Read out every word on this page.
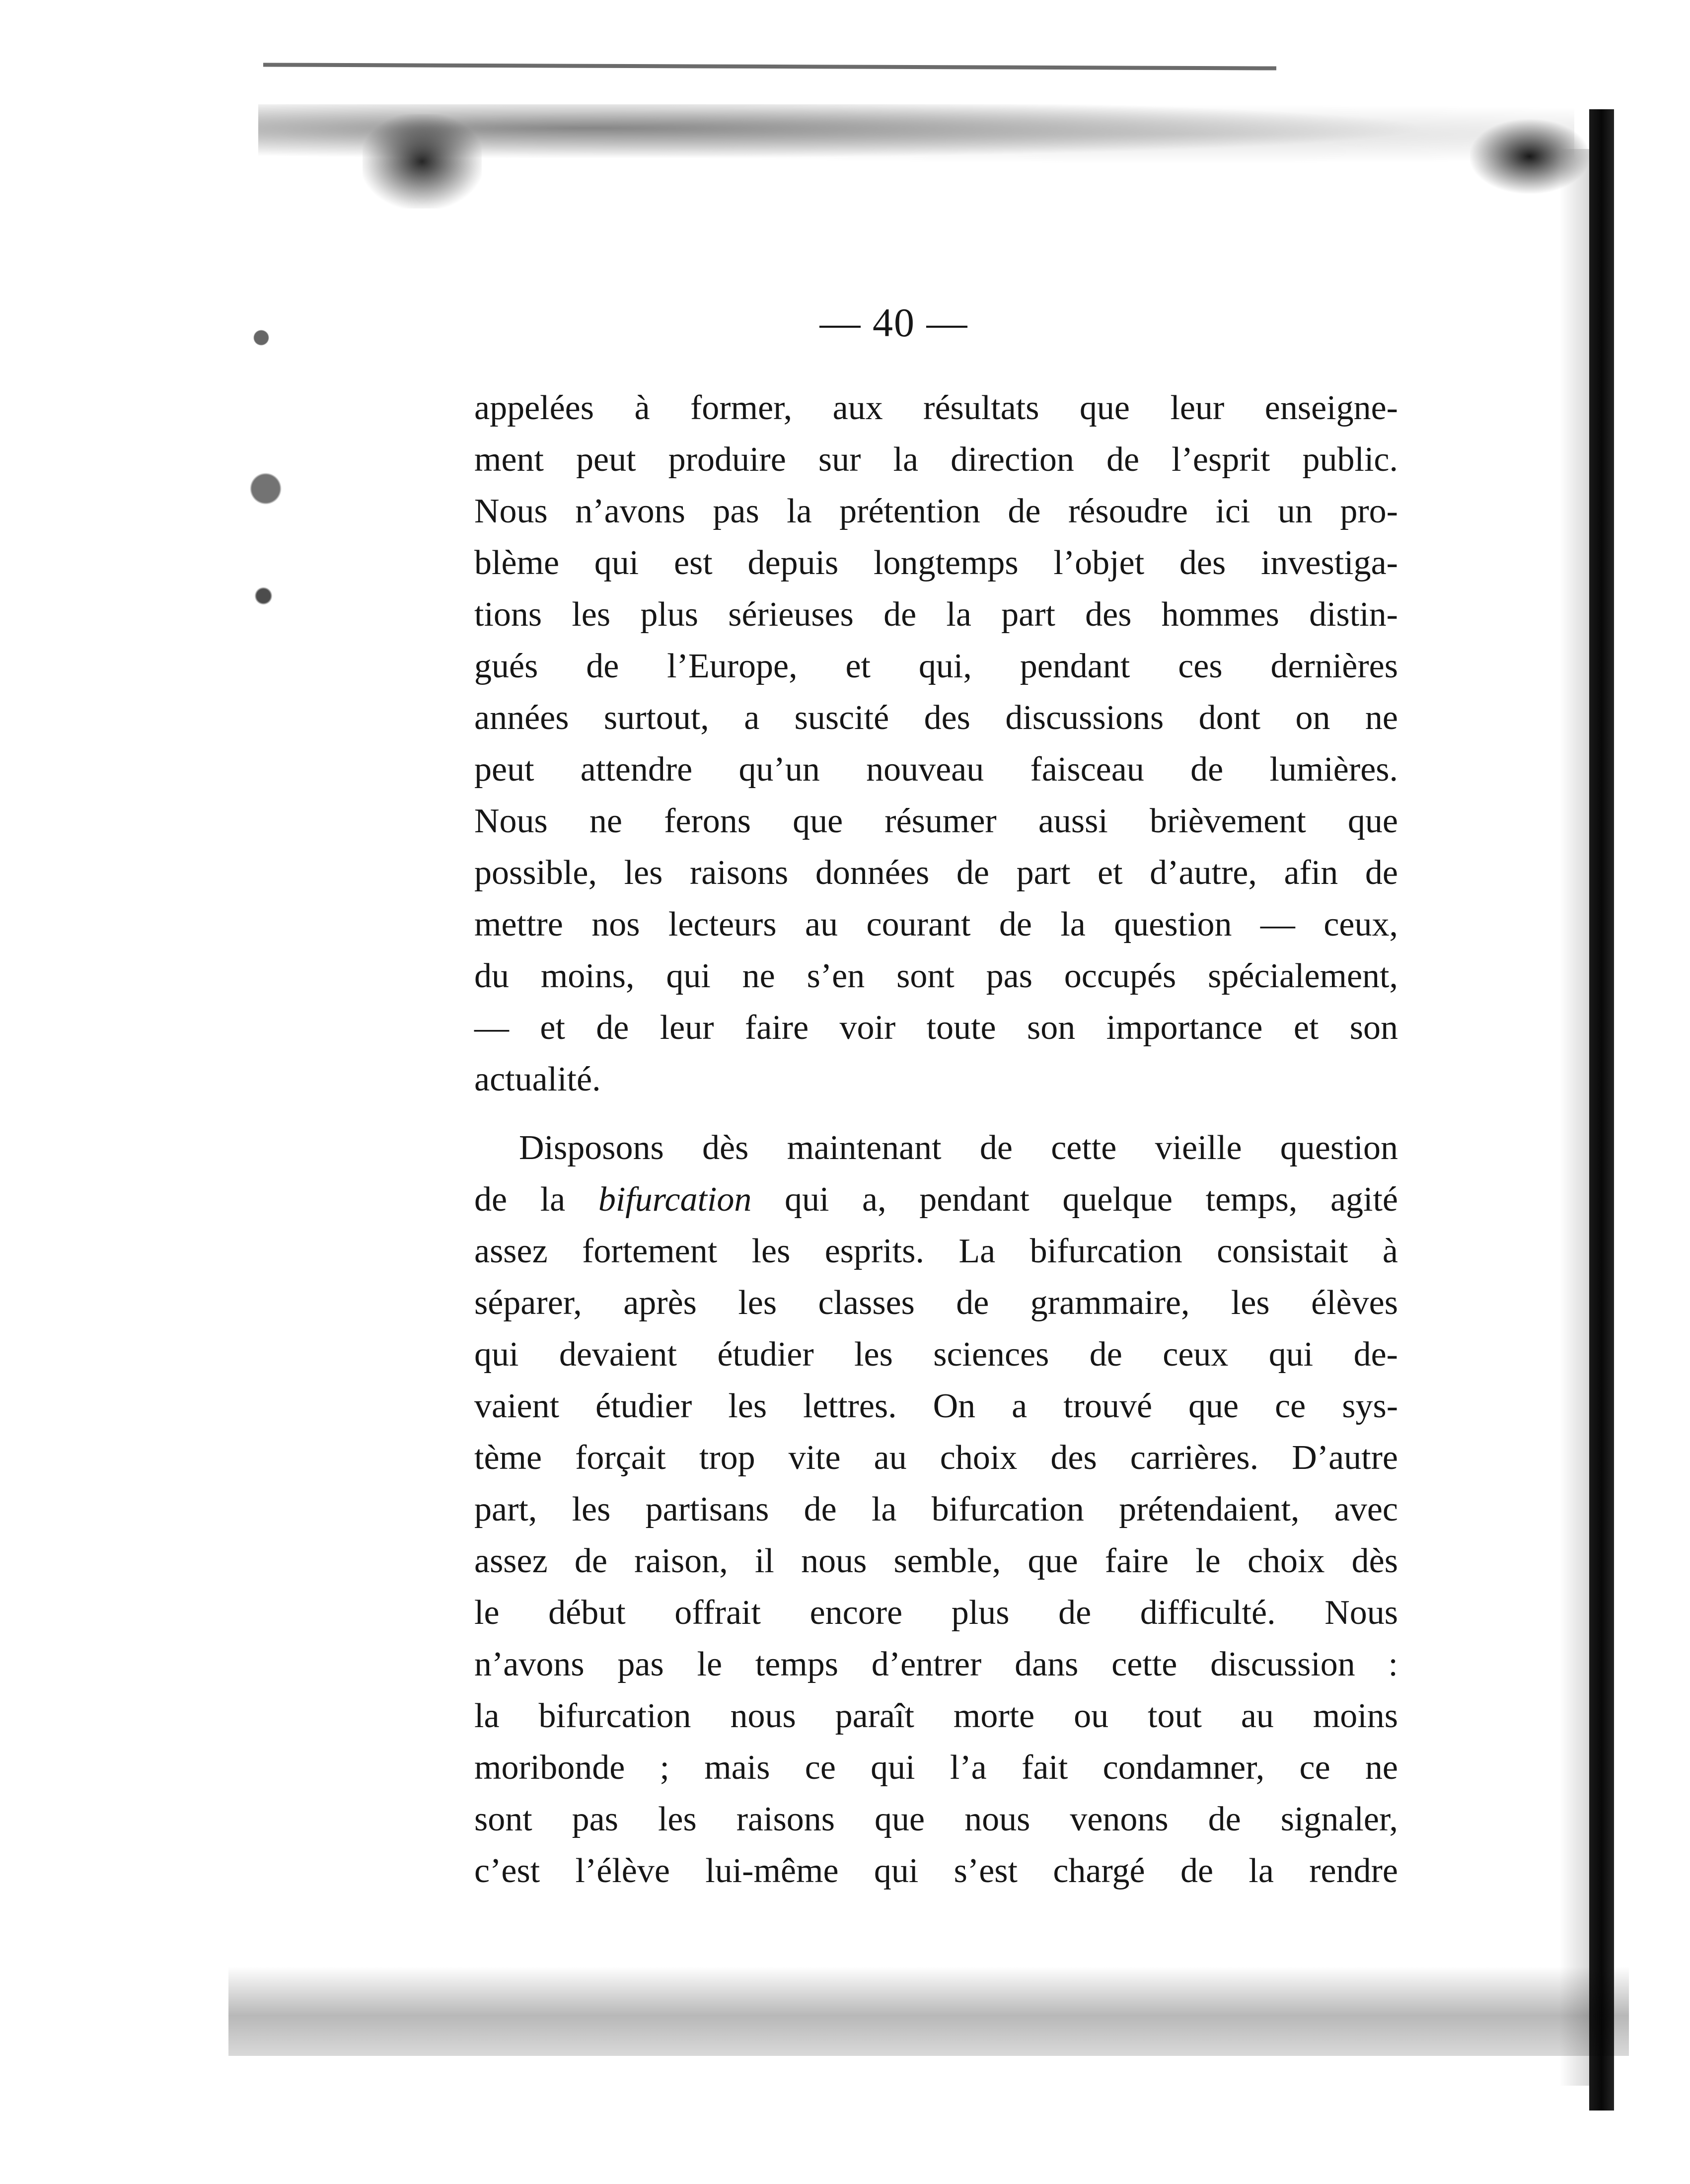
— 40 —
appelées à former, aux résultats que leur enseigne-
ment peut produire sur la direction de l’esprit public.
Nous n’avons pas la prétention de résoudre ici un pro-
blème qui est depuis longtemps l’objet des investiga-
tions les plus sérieuses de la part des hommes distin-
gués de l’Europe, et qui, pendant ces dernières
années surtout, a suscité des discussions dont on ne
peut attendre qu’un nouveau faisceau de lumières.
Nous ne ferons que résumer aussi brièvement que
possible, les raisons données de part et d’autre, afin de
mettre nos lecteurs au courant de la question — ceux,
du moins, qui ne s’en sont pas occupés spécialement,
— et de leur faire voir toute son importance et son
actualité.
Disposons dès maintenant de cette vieille question
de la bifurcation qui a, pendant quelque temps, agité
assez fortement les esprits. La bifurcation consistait à
séparer, après les classes de grammaire, les élèves
qui devaient étudier les sciences de ceux qui de-
vaient étudier les lettres. On a trouvé que ce sys-
tème forçait trop vite au choix des carrières. D’autre
part, les partisans de la bifurcation prétendaient, avec
assez de raison, il nous semble, que faire le choix dès
le début offrait encore plus de difficulté. Nous
n’avons pas le temps d’entrer dans cette discussion :
la bifurcation nous paraît morte ou tout au moins
moribonde ; mais ce qui l’a fait condamner, ce ne
sont pas les raisons que nous venons de signaler,
c’est l’élève lui-même qui s’est chargé de la rendre
